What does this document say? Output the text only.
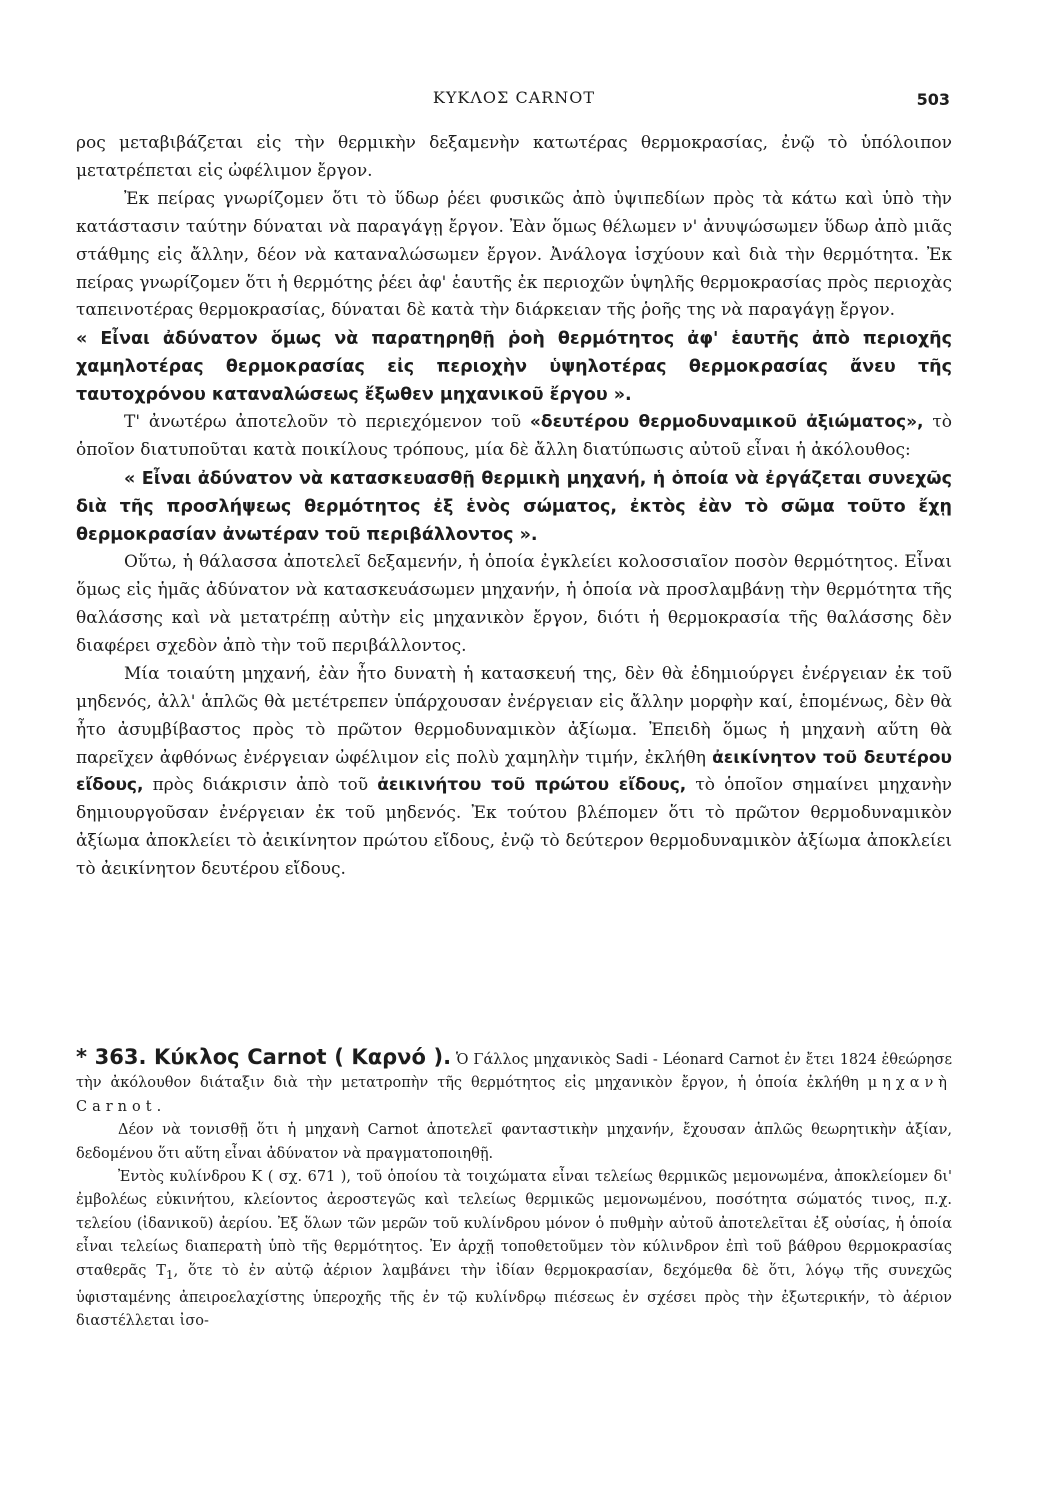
ΚΥΚΛΟΣ CARNOT	503

ρος μεταβιβάζεται εἰς τὴν θερμικὴν δεξαμενὴν κατωτέρας θερμοκρασίας, ἐνῷ τὸ ὑπόλοιπον μετατρέπεται εἰς ὠφέλιμον ἔργον.

Ἐκ πείρας γνωρίζομεν ὅτι τὸ ὕδωρ ῥέει φυσικῶς ἀπὸ ὑψιπεδίων πρὸς τὰ κάτω καὶ ὑπὸ τὴν κατάστασιν ταύτην δύναται νὰ παραγάγῃ ἔργον. Ἐὰν ὅμως θέλωμεν ν' ἀνυψώσωμεν ὕδωρ ἀπὸ μιᾶς στάθμης εἰς ἄλλην, δέον νὰ καταναλώσωμεν ἔργον. Ἀνάλογα ἰσχύουν καὶ διὰ τὴν θερμότητα. Ἐκ πείρας γνωρίζομεν ὅτι ἡ θερμότης ῥέει ἀφ' ἑαυτῆς ἐκ περιοχῶν ὑψηλῆς θερμοκρασίας πρὸς περιοχὰς ταπεινοτέρας θερμοκρασίας, δύναται δὲ κατὰ τὴν διάρκειαν τῆς ῥοῆς της νὰ παραγάγῃ ἔργον.

« Εἶναι ἀδύνατον ὅμως νὰ παρατηρηθῇ ῥοὴ θερμότητος ἀφ' ἑαυτῆς ἀπὸ περιοχῆς χαμηλοτέρας θερμοκρασίας εἰς περιοχὴν ὑψηλοτέρας θερμοκρασίας ἄνευ τῆς ταυτοχρόνου καταναλώσεως ἔξωθεν μηχανικοῦ ἔργου ».

Τ' ἀνωτέρω ἀποτελοῦν τὸ περιεχόμενον τοῦ «δευτέρου θερμοδυναμικοῦ ἀξιώματος», τὸ ὁποῖον διατυποῦται κατὰ ποικίλους τρόπους, μία δὲ ἄλλη διατύπωσις αὐτοῦ εἶναι ἡ ἀκόλουθος:

« Εἶναι ἀδύνατον νὰ κατασκευασθῇ θερμικὴ μηχανή, ἡ ὁποία νὰ ἐργάζεται συνεχῶς διὰ τῆς προσλήψεως θερμότητος ἐξ ἑνὸς σώματος, ἐκτὸς ἐὰν τὸ σῶμα τοῦτο ἔχῃ θερμοκρασίαν ἀνωτέραν τοῦ περιβάλλοντος ».

Οὕτω, ἡ θάλασσα ἀποτελεῖ δεξαμενήν, ἡ ὁποία ἐγκλείει κολοσσιαῖον ποσὸν θερμότητος. Εἶναι ὅμως εἰς ἡμᾶς ἀδύνατον νὰ κατασκευάσωμεν μηχανήν, ἡ ὁποία νὰ προσλαμβάνῃ τὴν θερμότητα τῆς θαλάσσης καὶ νὰ μετατρέπῃ αὐτὴν εἰς μηχανικὸν ἔργον, διότι ἡ θερμοκρασία τῆς θαλάσσης δὲν διαφέρει σχεδὸν ἀπὸ τὴν τοῦ περιβάλλοντος.

Μία τοιαύτη μηχανή, ἐὰν ἦτο δυνατὴ ἡ κατασκευή της, δὲν θὰ ἐδημιούργει ἐνέργειαν ἐκ τοῦ μηδενός, ἀλλ' ἁπλῶς θὰ μετέτρεπεν ὑπάρχουσαν ἐνέργειαν εἰς ἄλλην μορφὴν καί, ἑπομένως, δὲν θὰ ἦτο ἀσυμβίβαστος πρὸς τὸ πρῶτον θερμοδυναμικὸν ἀξίωμα. Ἐπειδὴ ὅμως ἡ μηχανὴ αὕτη θὰ παρεῖχεν ἀφθόνως ἐνέργειαν ὠφέλιμον εἰς πολὺ χαμηλὴν τιμήν, ἐκλήθη ἀεικίνητον τοῦ δευτέρου εἴδους, πρὸς διάκρισιν ἀπὸ τοῦ ἀεικινήτου τοῦ πρώτου εἴδους, τὸ ὁποῖον σημαίνει μηχανὴν δημιουργοῦσαν ἐνέργειαν ἐκ τοῦ μηδενός. Ἐκ τούτου βλέπομεν ὅτι τὸ πρῶτον θερμοδυναμικὸν ἀξίωμα ἀποκλείει τὸ ἀεικίνητον πρώτου εἴδους, ἐνῷ τὸ δεύτερον θερμοδυναμικὸν ἀξίωμα ἀποκλείει τὸ ἀεικίνητον δευτέρου εἴδους.

* 363. Κύκλος Carnot ( Καρνό ). Ὁ Γάλλος μηχανικὸς Sadi - Léonard Carnot ἐν ἔτει 1824 ἐθεώρησε τὴν ἀκόλουθον διάταξιν διὰ τὴν μετατροπὴν τῆς θερμότητος εἰς μηχανικὸν ἔργον, ἡ ὁποία ἐκλήθη μηχανὴ Carnot.

Δέον νὰ τονισθῇ ὅτι ἡ μηχανὴ Carnot ἀποτελεῖ φανταστικὴν μηχανήν, ἔχουσαν ἁπλῶς θεωρητικὴν ἀξίαν, δεδομένου ὅτι αὕτη εἶναι ἀδύνατον νὰ πραγματοποιηθῇ.

Ἐντὸς κυλίνδρου Κ ( σχ. 671 ), τοῦ ὁποίου τὰ τοιχώματα εἶναι τελείως θερμικῶς μεμονωμένα, ἀποκλείομεν δι' ἐμβολέως εὐκινήτου, κλείοντος ἀεροστεγῶς καὶ τελείως θερμικῶς μεμονωμένου, ποσότητα σώματός τινος, π.χ. τελείου (ἰδανικοῦ) ἀερίου. Ἐξ ὅλων τῶν μερῶν τοῦ κυλίνδρου μόνον ὁ πυθμὴν αὐτοῦ ἀποτελεῖται ἐξ οὐσίας, ἡ ὁποία εἶναι τελείως διαπερατὴ ὑπὸ τῆς θερμότητος. Ἐν ἀρχῇ τοποθετοῦμεν τὸν κύλινδρον ἐπὶ τοῦ βάθρου θερμοκρασίας σταθερᾶς $T_1$, ὅτε τὸ ἐν αὐτῷ ἀέριον λαμβάνει τὴν ἰδίαν θερμοκρασίαν, δεχόμεθα δὲ ὅτι, λόγῳ τῆς συνεχῶς ὑφισταμένης ἀπειροελαχίστης ὑπεροχῆς τῆς ἐν τῷ κυλίνδρῳ πιέσεως ἐν σχέσει πρὸς τὴν ἐξωτερικήν, τὸ ἀέριον διαστέλλεται ἰσο-
